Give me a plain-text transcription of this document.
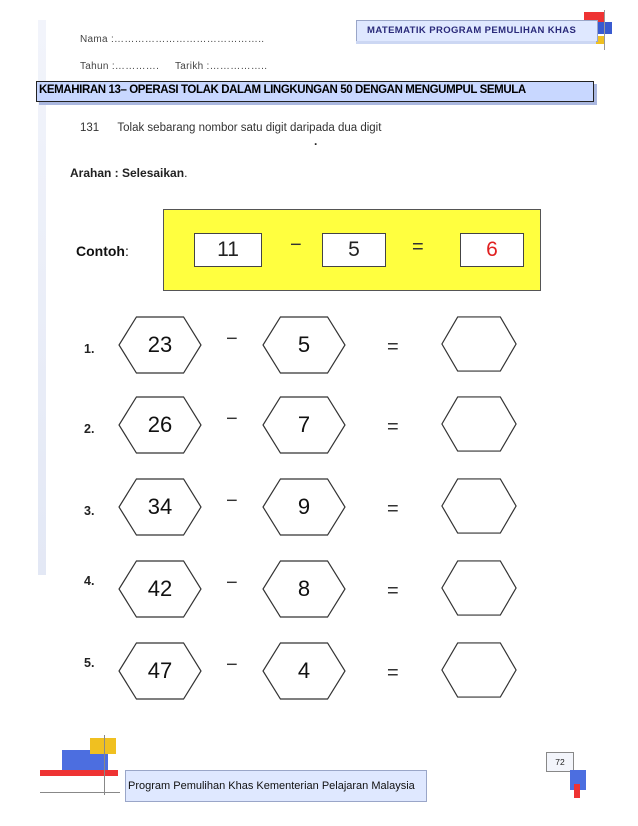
Nama :……………………………………..
Tahun :…………. Tarikh :……………..
MATEMATIK PROGRAM PEMULIHAN KHAS
KEMAHIRAN 13– OPERASI TOLAK DALAM LINGKUNGAN 50 DENGAN MENGUMPUL SEMULA
131 Tolak sebarang nombor satu digit daripada dua digit
.
Arahan : Selesaikan.
Contoh:	11	−	5	=	6
1.	23	−	5	=
2.	26	−	7	=
3.	34	−	9	=
4.	42	−	8	=
5.	47	−	4	=
Program Pemulihan Khas Kementerian Pelajaran Malaysia
72
